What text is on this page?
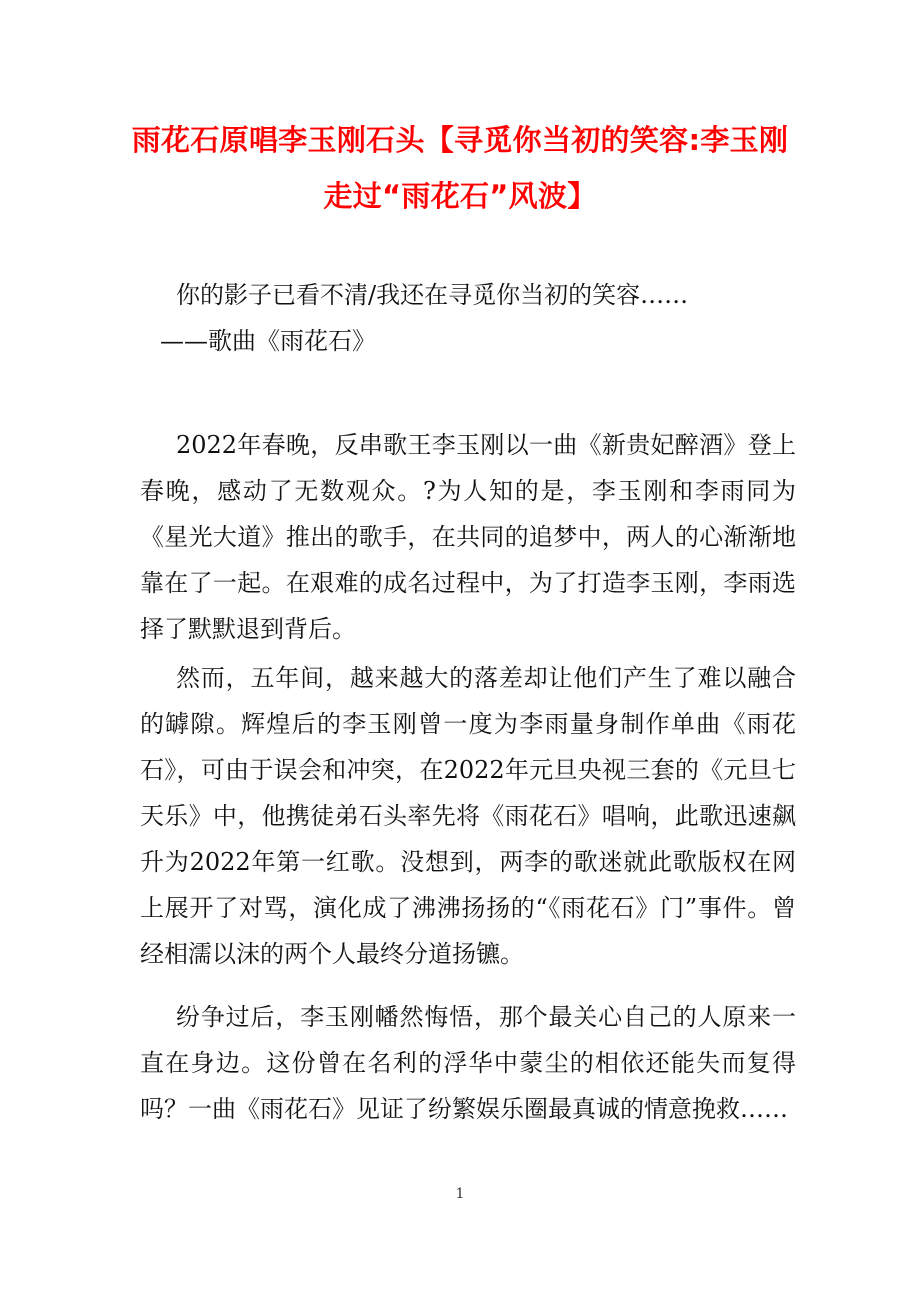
雨花石原唱李玉刚石头【寻觅你当初的笑容:李玉刚
走过“雨花石”风波】

你的影子已看不清/我还在寻觅你当初的笑容……

——歌曲《雨花石》

2022年春晚，反串歌王李玉刚以一曲《新贵妃醉酒》登上春晚，感动了无数观众。?为人知的是，李玉刚和李雨同为《星光大道》推出的歌手，在共同的追梦中，两人的心渐渐地靠在了一起。在艰难的成名过程中，为了打造李玉刚，李雨选择了默默退到背后。

然而，五年间，越来越大的落差却让他们产生了难以融合的罅隙。辉煌后的李玉刚曾一度为李雨量身制作单曲《雨花石》，可由于误会和冲突，在2022年元旦央视三套的《元旦七天乐》中，他携徒弟石头率先将《雨花石》唱响，此歌迅速飙升为2022年第一红歌。没想到，两李的歌迷就此歌版权在网上展开了对骂，演化成了沸沸扬扬的“《雨花石》门”事件。曾经相濡以沫的两个人最终分道扬镳。

纷争过后，李玉刚幡然悔悟，那个最关心自己的人原来一直在身边。这份曾在名利的浮华中蒙尘的相依还能失而复得吗？一曲《雨花石》见证了纷繁娱乐圈最真诚的情意挽救……

1
